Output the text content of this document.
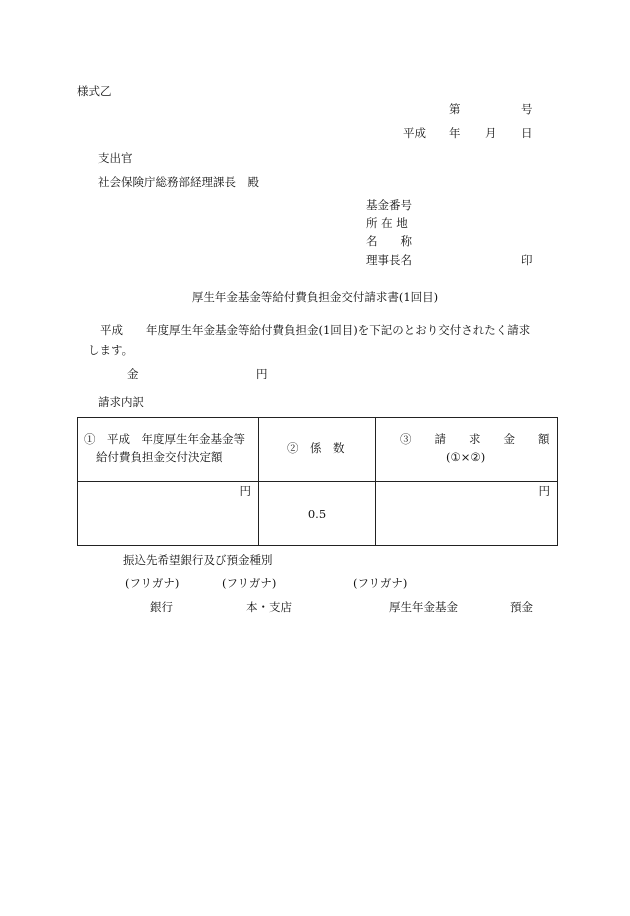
様式乙
第	号
平成 年 月 日
支出官
社会保険庁総務部経理課長　殿
基金番号
所 在 地
名　　称
理事長名	印
厚生年金基金等給付費負担金交付請求書(1回目)
平成　　年度厚生年金基金等給付費負担金(1回目)を下記のとおり交付されたく請求
します。
金	円
請求内訳
①　平成　年度厚生年金基金等
給付費負担金交付決定額	②　係　数	③　　請　　求　　金　　額
(①×②)

円	0.5	円
振込先希望銀行及び預金種別
(フリガナ)	(フリガナ)	(フリガナ)
銀行	本・支店	厚生年金基金	預金
